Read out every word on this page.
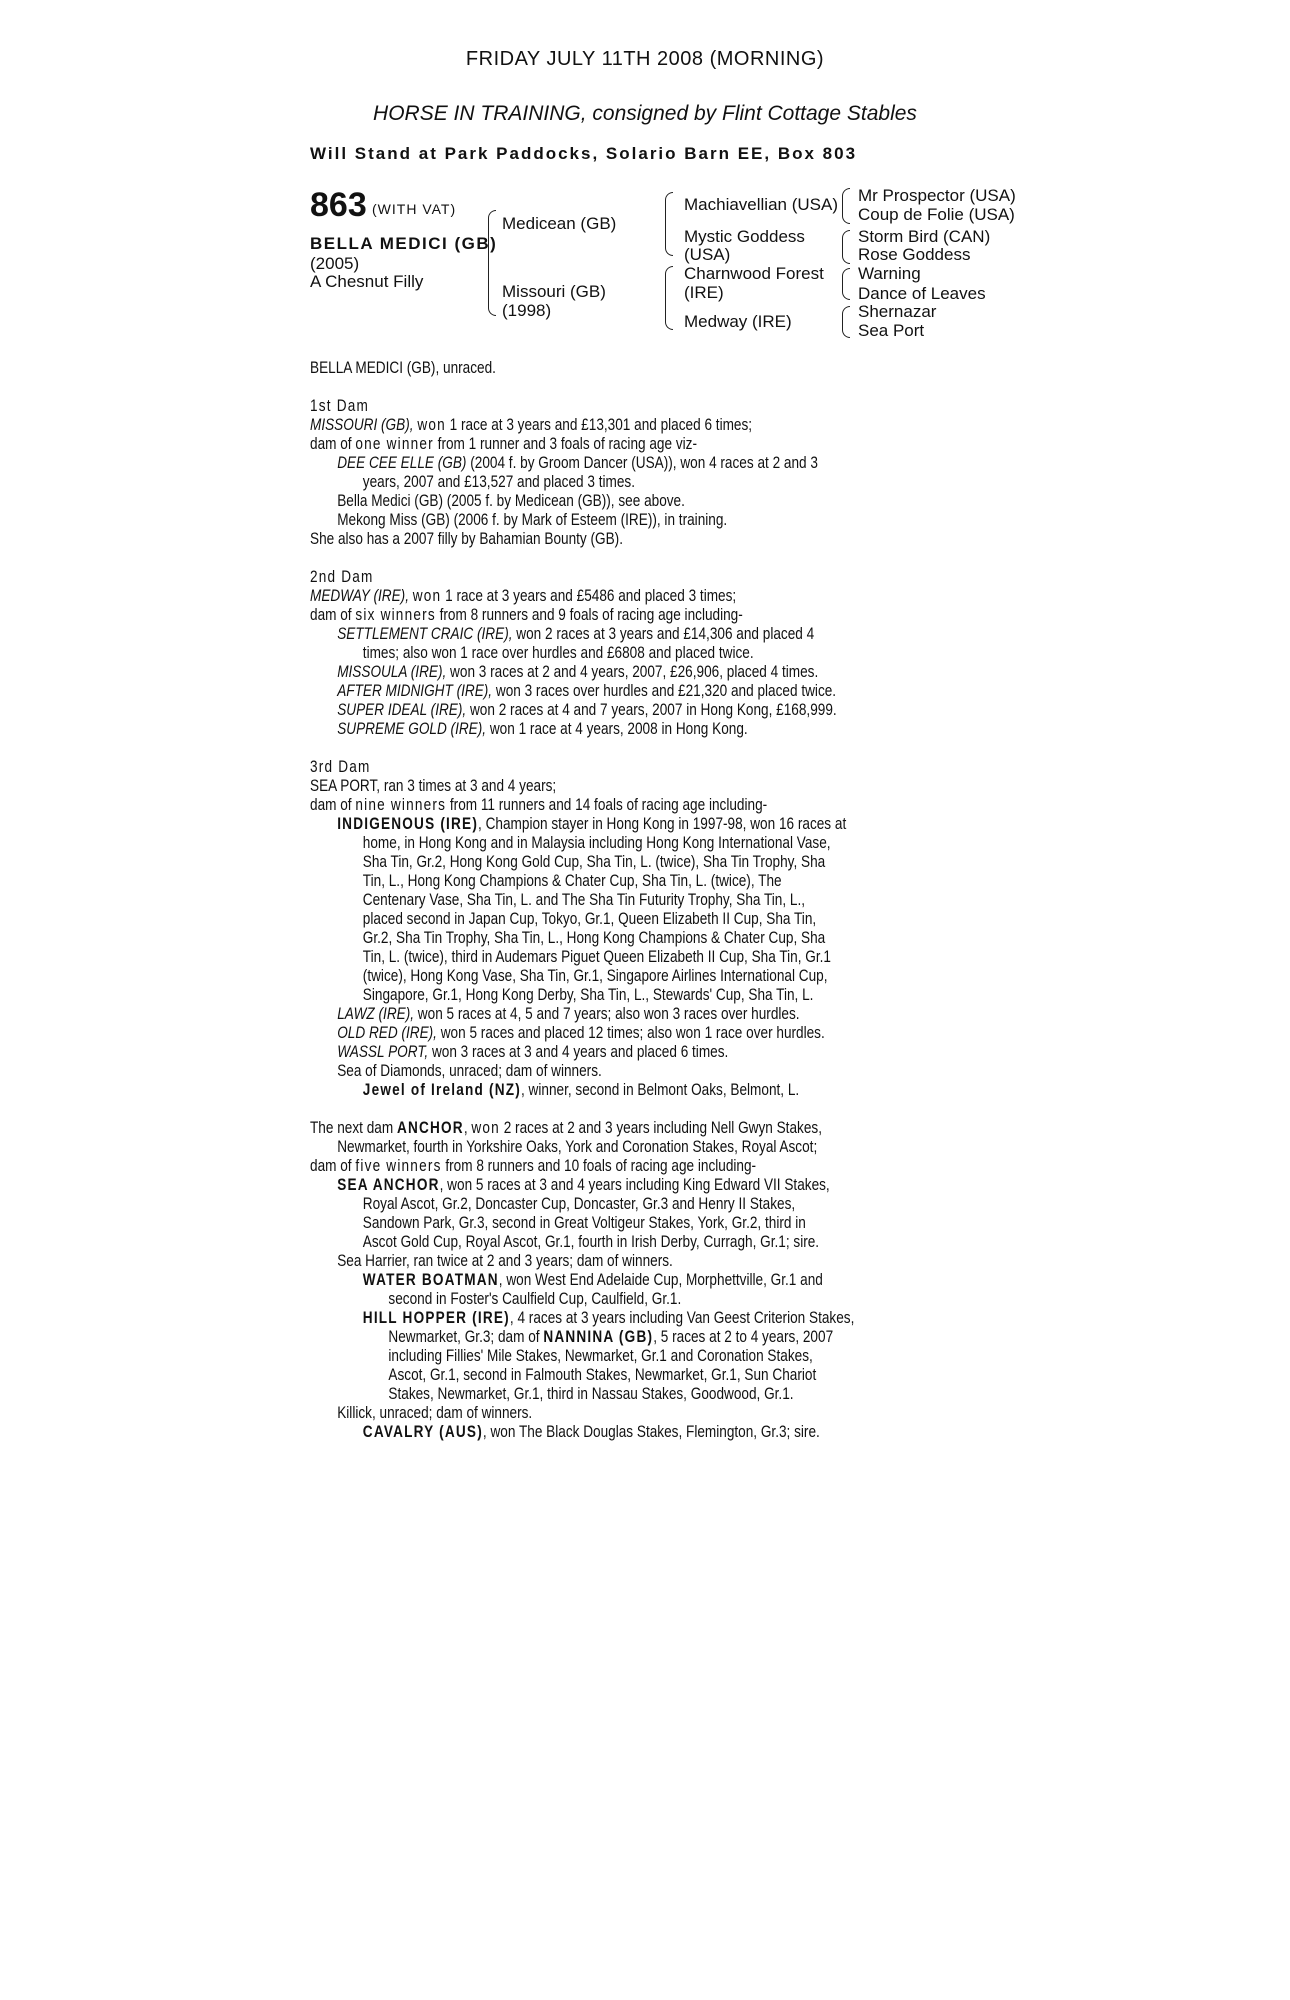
FRIDAY JULY 11TH 2008 (MORNING)
HORSE IN TRAINING, consigned by Flint Cottage Stables
Will Stand at Park Paddocks, Solario Barn EE, Box 803
863 (WITH VAT)
BELLA MEDICI (GB)
(2005)
A Chesnut Filly
Medicean (GB)
Missouri (GB)
(1998)
Machiavellian (USA)
Mystic Goddess
(USA)
Charnwood Forest
(IRE)
Medway (IRE)
Mr Prospector (USA)
Coup de Folie (USA)
Storm Bird (CAN)
Rose Goddess
Warning
Dance of Leaves
Shernazar
Sea Port
BELLA MEDICI (GB), unraced.
1st Dam
MISSOURI (GB), won 1 race at 3 years and £13,301 and placed 6 times;
dam of one winner from 1 runner and 3 foals of racing age viz-
DEE CEE ELLE (GB) (2004 f. by Groom Dancer (USA)), won 4 races at 2 and 3
years, 2007 and £13,527 and placed 3 times.
Bella Medici (GB) (2005 f. by Medicean (GB)), see above.
Mekong Miss (GB) (2006 f. by Mark of Esteem (IRE)), in training.
She also has a 2007 filly by Bahamian Bounty (GB).
2nd Dam
MEDWAY (IRE), won 1 race at 3 years and £5486 and placed 3 times;
dam of six winners from 8 runners and 9 foals of racing age including-
SETTLEMENT CRAIC (IRE), won 2 races at 3 years and £14,306 and placed 4
times; also won 1 race over hurdles and £6808 and placed twice.
MISSOULA (IRE), won 3 races at 2 and 4 years, 2007, £26,906, placed 4 times.
AFTER MIDNIGHT (IRE), won 3 races over hurdles and £21,320 and placed twice.
SUPER IDEAL (IRE), won 2 races at 4 and 7 years, 2007 in Hong Kong, £168,999.
SUPREME GOLD (IRE), won 1 race at 4 years, 2008 in Hong Kong.
3rd Dam
SEA PORT, ran 3 times at 3 and 4 years;
dam of nine winners from 11 runners and 14 foals of racing age including-
INDIGENOUS (IRE), Champion stayer in Hong Kong in 1997-98, won 16 races at
home, in Hong Kong and in Malaysia including Hong Kong International Vase,
Sha Tin, Gr.2, Hong Kong Gold Cup, Sha Tin, L. (twice), Sha Tin Trophy, Sha
Tin, L., Hong Kong Champions & Chater Cup, Sha Tin, L. (twice), The
Centenary Vase, Sha Tin, L. and The Sha Tin Futurity Trophy, Sha Tin, L.,
placed second in Japan Cup, Tokyo, Gr.1, Queen Elizabeth II Cup, Sha Tin,
Gr.2, Sha Tin Trophy, Sha Tin, L., Hong Kong Champions & Chater Cup, Sha
Tin, L. (twice), third in Audemars Piguet Queen Elizabeth II Cup, Sha Tin, Gr.1
(twice), Hong Kong Vase, Sha Tin, Gr.1, Singapore Airlines International Cup,
Singapore, Gr.1, Hong Kong Derby, Sha Tin, L., Stewards' Cup, Sha Tin, L.
LAWZ (IRE), won 5 races at 4, 5 and 7 years; also won 3 races over hurdles.
OLD RED (IRE), won 5 races and placed 12 times; also won 1 race over hurdles.
WASSL PORT, won 3 races at 3 and 4 years and placed 6 times.
Sea of Diamonds, unraced; dam of winners.
Jewel of Ireland (NZ), winner, second in Belmont Oaks, Belmont, L.
The next dam ANCHOR, won 2 races at 2 and 3 years including Nell Gwyn Stakes,
Newmarket, fourth in Yorkshire Oaks, York and Coronation Stakes, Royal Ascot;
dam of five winners from 8 runners and 10 foals of racing age including-
SEA ANCHOR, won 5 races at 3 and 4 years including King Edward VII Stakes,
Royal Ascot, Gr.2, Doncaster Cup, Doncaster, Gr.3 and Henry II Stakes,
Sandown Park, Gr.3, second in Great Voltigeur Stakes, York, Gr.2, third in
Ascot Gold Cup, Royal Ascot, Gr.1, fourth in Irish Derby, Curragh, Gr.1; sire.
Sea Harrier, ran twice at 2 and 3 years; dam of winners.
WATER BOATMAN, won West End Adelaide Cup, Morphettville, Gr.1 and
second in Foster's Caulfield Cup, Caulfield, Gr.1.
HILL HOPPER (IRE), 4 races at 3 years including Van Geest Criterion Stakes,
Newmarket, Gr.3; dam of NANNINA (GB), 5 races at 2 to 4 years, 2007
including Fillies' Mile Stakes, Newmarket, Gr.1 and Coronation Stakes,
Ascot, Gr.1, second in Falmouth Stakes, Newmarket, Gr.1, Sun Chariot
Stakes, Newmarket, Gr.1, third in Nassau Stakes, Goodwood, Gr.1.
Killick, unraced; dam of winners.
CAVALRY (AUS), won The Black Douglas Stakes, Flemington, Gr.3; sire.
